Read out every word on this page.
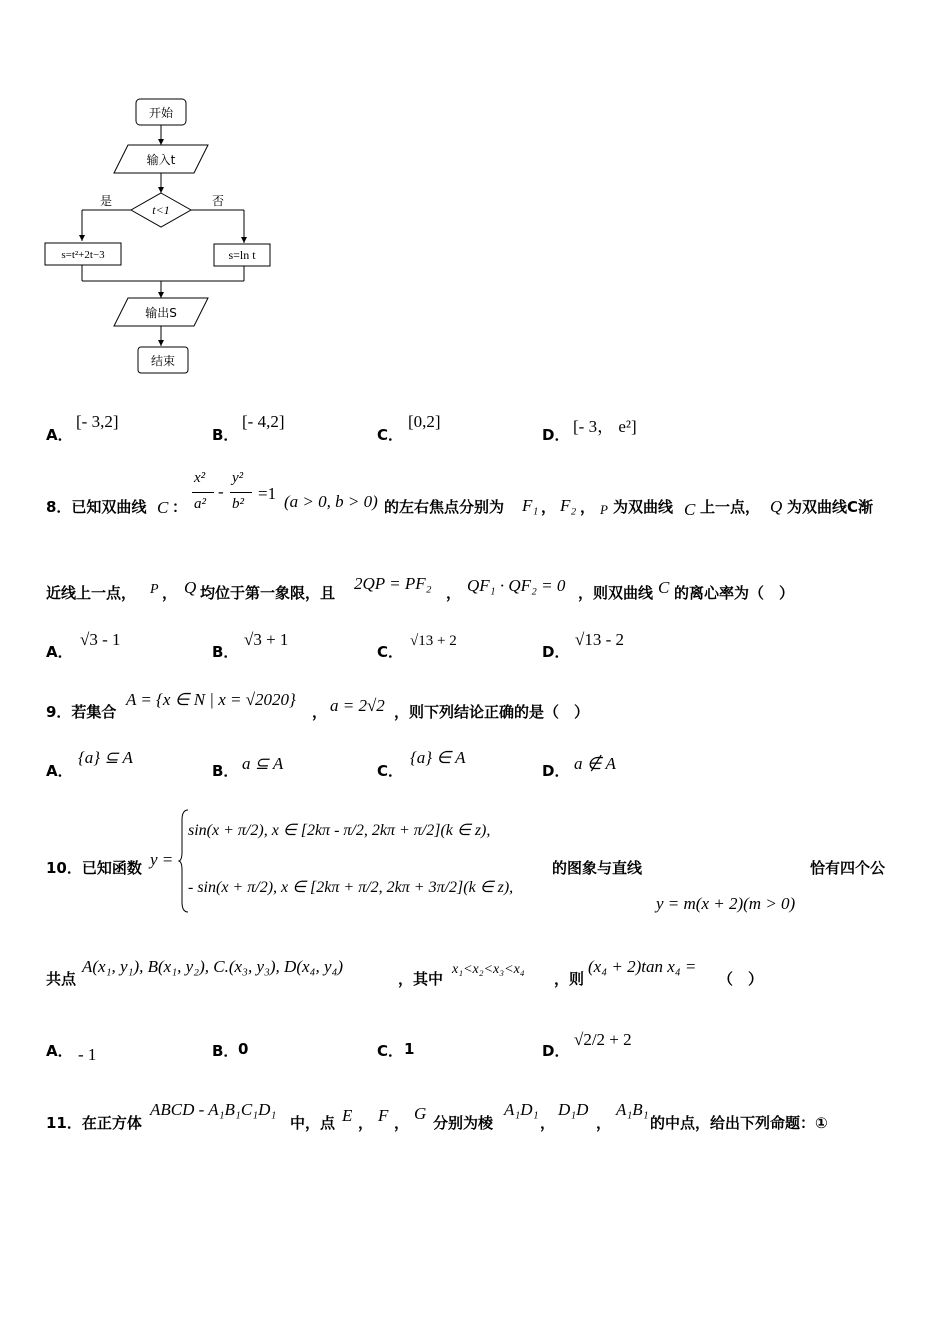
开始
输入t
t<1
是	否
s=t²+2t−3	s=ln t
输出S
结束
A．
[- 3,2]
B．
[- 4,2]
C．
[0,2]
D． [- 3， e²]
8．已知双曲线 C ：
x²
a²
-
y²
b²
=1 (a > 0, b > 0) 的左右焦点分别为 F₁ ， F₂ ， P 为双曲线 C 上一点， Q 为双曲线C渐
近线上一点， P ， Q 均位于第一象限，且 2QP = PF₂ ， QF₁ · QF₂ = 0 ，则双曲线 C 的离心率为（　）
A．
√3 - 1
B．
√3 + 1
C．
√13 + 2
D．
√13 - 2
9．若集合
A = {x ∈ N | x = √2020}
， a = 2√2 ，则下列结论正确的是（　）
A．
{a} ⊆ A
B． a ⊆ A	C．
{a} ∈ A
D． a ∉ A
10．已知函数 y =
sin(x + π/2), x ∈ [2kπ - π/2, 2kπ + π/2](k ∈ z),
- sin(x + π/2), x ∈ [2kπ + π/2, 2kπ + 3π/2](k ∈ z),
的图象与直线
y = m(x + 2)(m > 0)
恰有四个公
共点
A(x₁, y₁), B(x₁, y₂), C.(x₃, y₃), D(x₄, y₄)
，其中
x₁<x₂<x₃<x₄
，则
(x₄ + 2)tan x₄ =
（　）
A． - 1	B． 0	C． 1	D．
√2/2 + 2
11．在正方体
ABCD - A₁B₁C₁D₁
中，点 E ， F ， G 分别为棱
A₁D₁
，
D₁D
，
A₁B₁
的中点，给出下列命题：①
